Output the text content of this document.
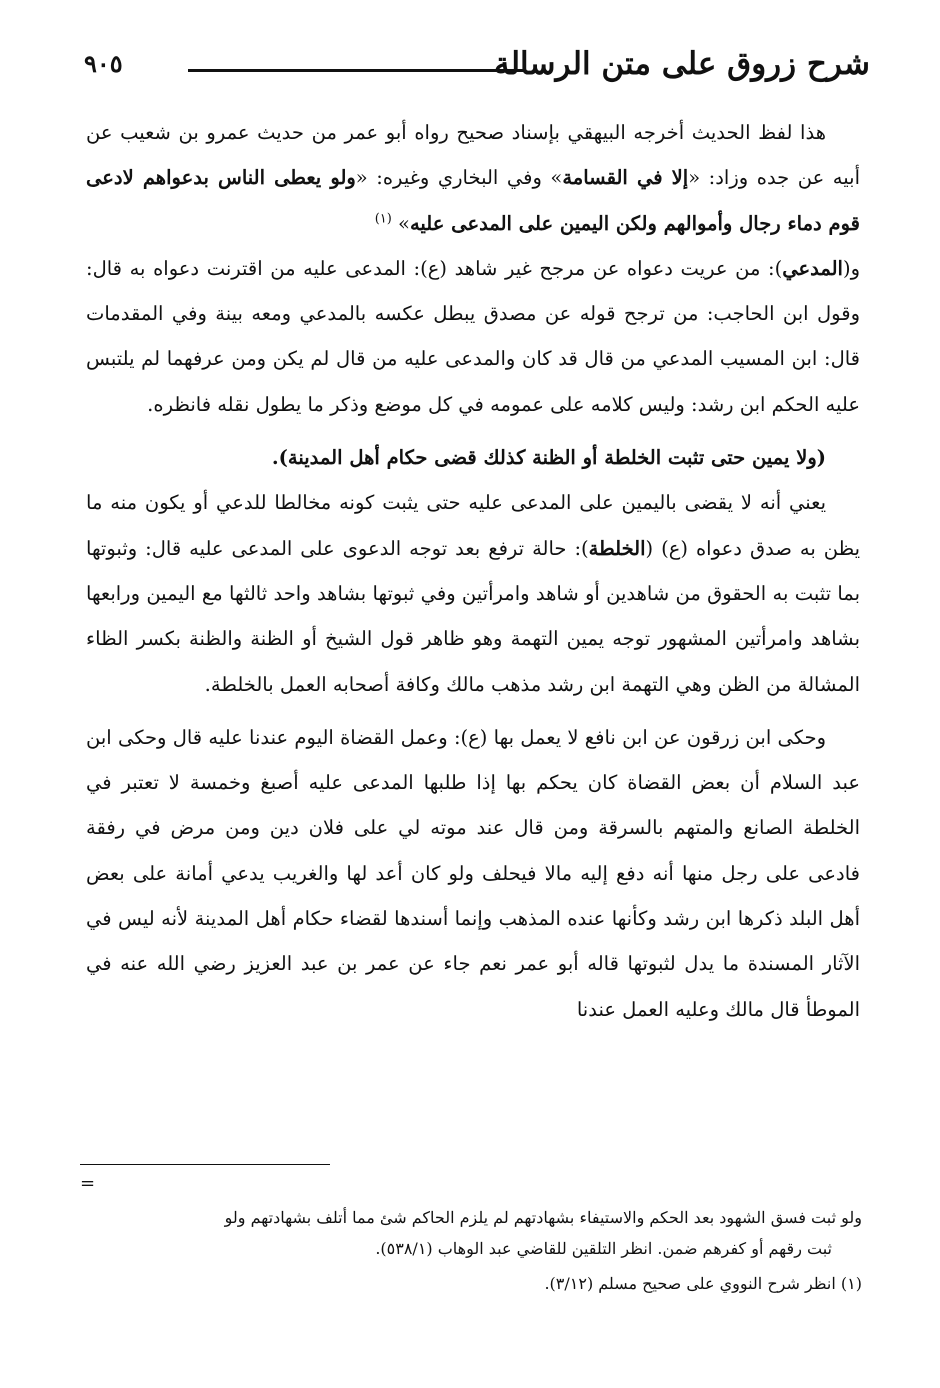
شرح زروق على متن الرسالة
٩٠٥

هذا لفظ الحديث أخرجه البيهقي بإسناد صحيح رواه أبو عمر من حديث عمرو بن شعيب عن أبيه عن جده وزاد: «إلا في القسامة» وفي البخاري وغيره: «ولو يعطى الناس بدعواهم لادعى قوم دماء رجال وأموالهم ولكن اليمين على المدعى عليه» $^{(١)}$

و(المدعي): من عريت دعواه عن مرجح غير شاهد (ع): المدعى عليه من اقترنت دعواه به قال: وقول ابن الحاجب: من ترجح قوله عن مصدق يبطل عكسه بالمدعي ومعه بينة وفي المقدمات قال: ابن المسيب المدعي من قال قد كان والمدعى عليه من قال لم يكن ومن عرفهما لم يلتبس عليه الحكم ابن رشد: وليس كلامه على عمومه في كل موضع وذكر ما يطول نقله فانظره.

(ولا يمين حتى تثبت الخلطة أو الظنة كذلك قضى حكام أهل المدينة).

يعني أنه لا يقضى باليمين على المدعى عليه حتى يثبت كونه مخالطا للدعي أو يكون منه ما يظن به صدق دعواه (ع) (الخلطة): حالة ترفع بعد توجه الدعوى على المدعى عليه قال: وثبوتها بما تثبت به الحقوق من شاهدين أو شاهد وامرأتين وفي ثبوتها بشاهد واحد ثالثها مع اليمين ورابعها بشاهد وامرأتين المشهور توجه يمين التهمة وهو ظاهر قول الشيخ أو الظنة والظنة بكسر الظاء المشالة من الظن وهي التهمة ابن رشد مذهب مالك وكافة أصحابه العمل بالخلطة.

وحكى ابن زرقون عن ابن نافع لا يعمل بها (ع): وعمل القضاة اليوم عندنا عليه قال وحكى ابن عبد السلام أن بعض القضاة كان يحكم بها إذا طلبها المدعى عليه أصبغ وخمسة لا تعتبر في الخلطة الصانع والمتهم بالسرقة ومن قال عند موته لي على فلان دين ومن مرض في رفقة فادعى على رجل منها أنه دفع إليه مالا فيحلف ولو كان أعد لها والغريب يدعي أمانة على بعض أهل البلد ذكرها ابن رشد وكأنها عنده المذهب وإنما أسندها لقضاء حكام أهل المدينة لأنه ليس في الآثار المسندة ما يدل لثبوتها قاله أبو عمر نعم جاء عن عمر بن عبد العزيز رضي الله عنه في الموطأ قال مالك وعليه العمل عندنا

=

ولو ثبت فسق الشهود بعد الحكم والاستيفاء بشهادتهم لم يلزم الحاكم شئ مما أتلف بشهادتهم ولو

ثبت رقهم أو كفرهم ضمن. انظر التلقين للقاضي عبد الوهاب (٥٣٨/١).

(١) انظر شرح النووي على صحيح مسلم (٣/١٢).
